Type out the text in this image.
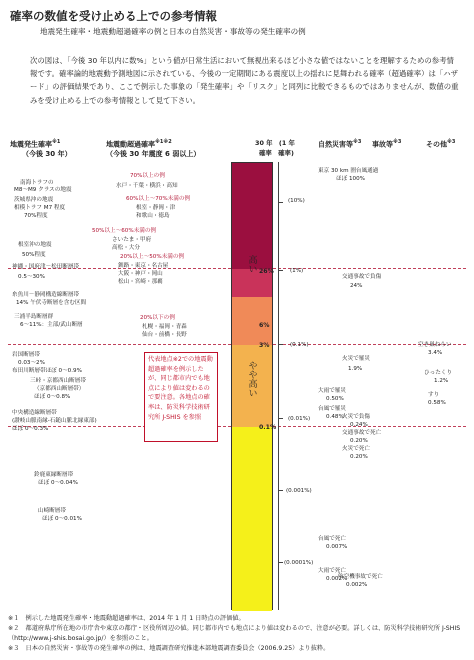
確率の数値を受け止める上での参考情報
地震発生確率・地震動超過確率の例と日本の自然災害・事故等の発生確率の例
次の図は、「今後 30 年以内に数%」という値が日常生活において無視出来るほど小さな値ではないことを理解するための参考情報です。確率論的地震動予測地図に示されている、今後の一定期間にある震度以上の揺れに見舞われる確率（超過確率）は「ハザード」の評価結果であり、ここで例示した事象の「発生確率」や「リスク」と同列に比較できるものではありませんが、数値の重みを受け止める上での参考情報として見て下さい。
地震発生確率$^{※1}$
（今後 30 年）
地震動超過確率$^{※1※2}$
（今後 30 年震度 6 弱以上）
30 年　(1 年
確率　確率)
自然災害等$^{※3}$ 事故等$^{※3}$	その他$^{※3}$
南海トラフの
M8～M9 クラスの地震
茨城県沖の地震
相模トラフ M7 程度
70%程度
根室沖の地震
50%程度
神縄・国府津－松田断層帯
0.5～30%
糸魚川－静岡構造線断層帯
14% 午伏寺断層を含む区間
三浦半島断層群
6～11%：主部/武山断層
岩国断層帯
0.03～2%
布田川断層帯ほぼ 0～0.9%
三峠・京都西山断層帯
（京都西山断層帯）
ほぼ 0～0.8%
中央構造線断層帯
(讃岐山脈南縁-石鎚山脈北縁東部)
ほぼ 0～0.3%
鈴鹿東縁断層帯
ほぼ 0～0.04%
山崎断層帯
ほぼ 0～0.01%
70%以上の例
水戸・千葉・横浜・高知
60%以上～70%未満の例
根室・静岡・津
和歌山・徳島
50%以上～60%未満の例
さいたま・甲府
高松・大分
20%以上～50%未満の例
釧路・東京・名古屋
大阪・神戸・岡山
松山・宮崎・那覇
20%以下の例
札幌・福岡・青森
仙台・前橋・長野
代表地点※2での地震動超過確率を例示したが、同じ都市内でも地点により値は変わるので要注意。各地点の確率は、防災科学技術研究所 J-SHIS を参照
高い
やや高い
26%
6%
3%
0.1%
(10%)
(1%)
(0.1%)
(0.01%)
(0.001%)
(0.0001%)
東京 30 km 圏台風通過
ほぼ 100%
火災で罹災
1.9%
大雨で罹災
0.50%
台風で罹災
0.48%
台風で死亡
0.007%
大雨で死亡
0.002%
交通事故で負傷
24%
火災で負傷
0.24%
交通事故で死亡
0.20%
火災で死亡
0.20%
航空機事故で死亡
0.002%
空き巣ねらい
3.4%
ひったくり
1.2%
すり
0.58%
※１　例示した地震発生確率・地震動超過確率は、2014 年 1 月 1 日時点の評価値。
※２　都道府県庁所在地の市庁舎や東京の都庁・区役所周辺の値。同じ都市内でも地点により値は変わるので、注意が必要。詳しくは、防災科学技術研究所 J-SHIS（http://www.j-shis.bosai.go.jp/）を参照のこと。
※３　日本の自然災害・事故等の発生確率の例は、地震調査研究推進本部地震調査委員会（2006.9.25）より抜粋。
